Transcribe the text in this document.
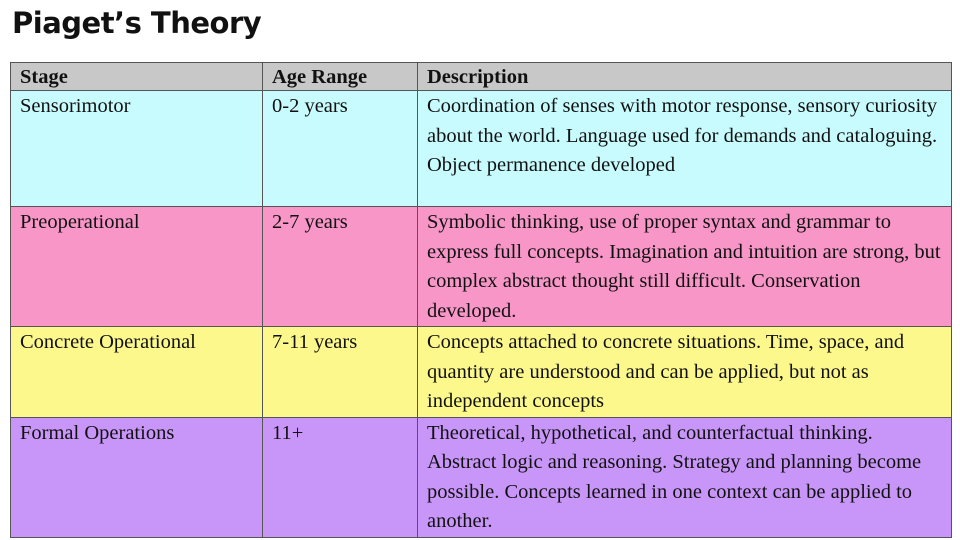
Piaget’s Theory
Stage	Age Range	Description
Sensorimotor	0-2 years	Coordination of senses with motor response, sensory curiosity about the world. Language used for demands and cataloguing. Object permanence developed
Preoperational	2-7 years	Symbolic thinking, use of proper syntax and grammar to express full concepts. Imagination and intuition are strong, but complex abstract thought still difficult. Conservation developed.
Concrete Operational	7-11 years	Concepts attached to concrete situations. Time, space, and quantity are understood and can be applied, but not as independent concepts
Formal Operations	11+	Theoretical, hypothetical, and counterfactual thinking. Abstract logic and reasoning. Strategy and planning become possible. Concepts learned in one context can be applied to another.
